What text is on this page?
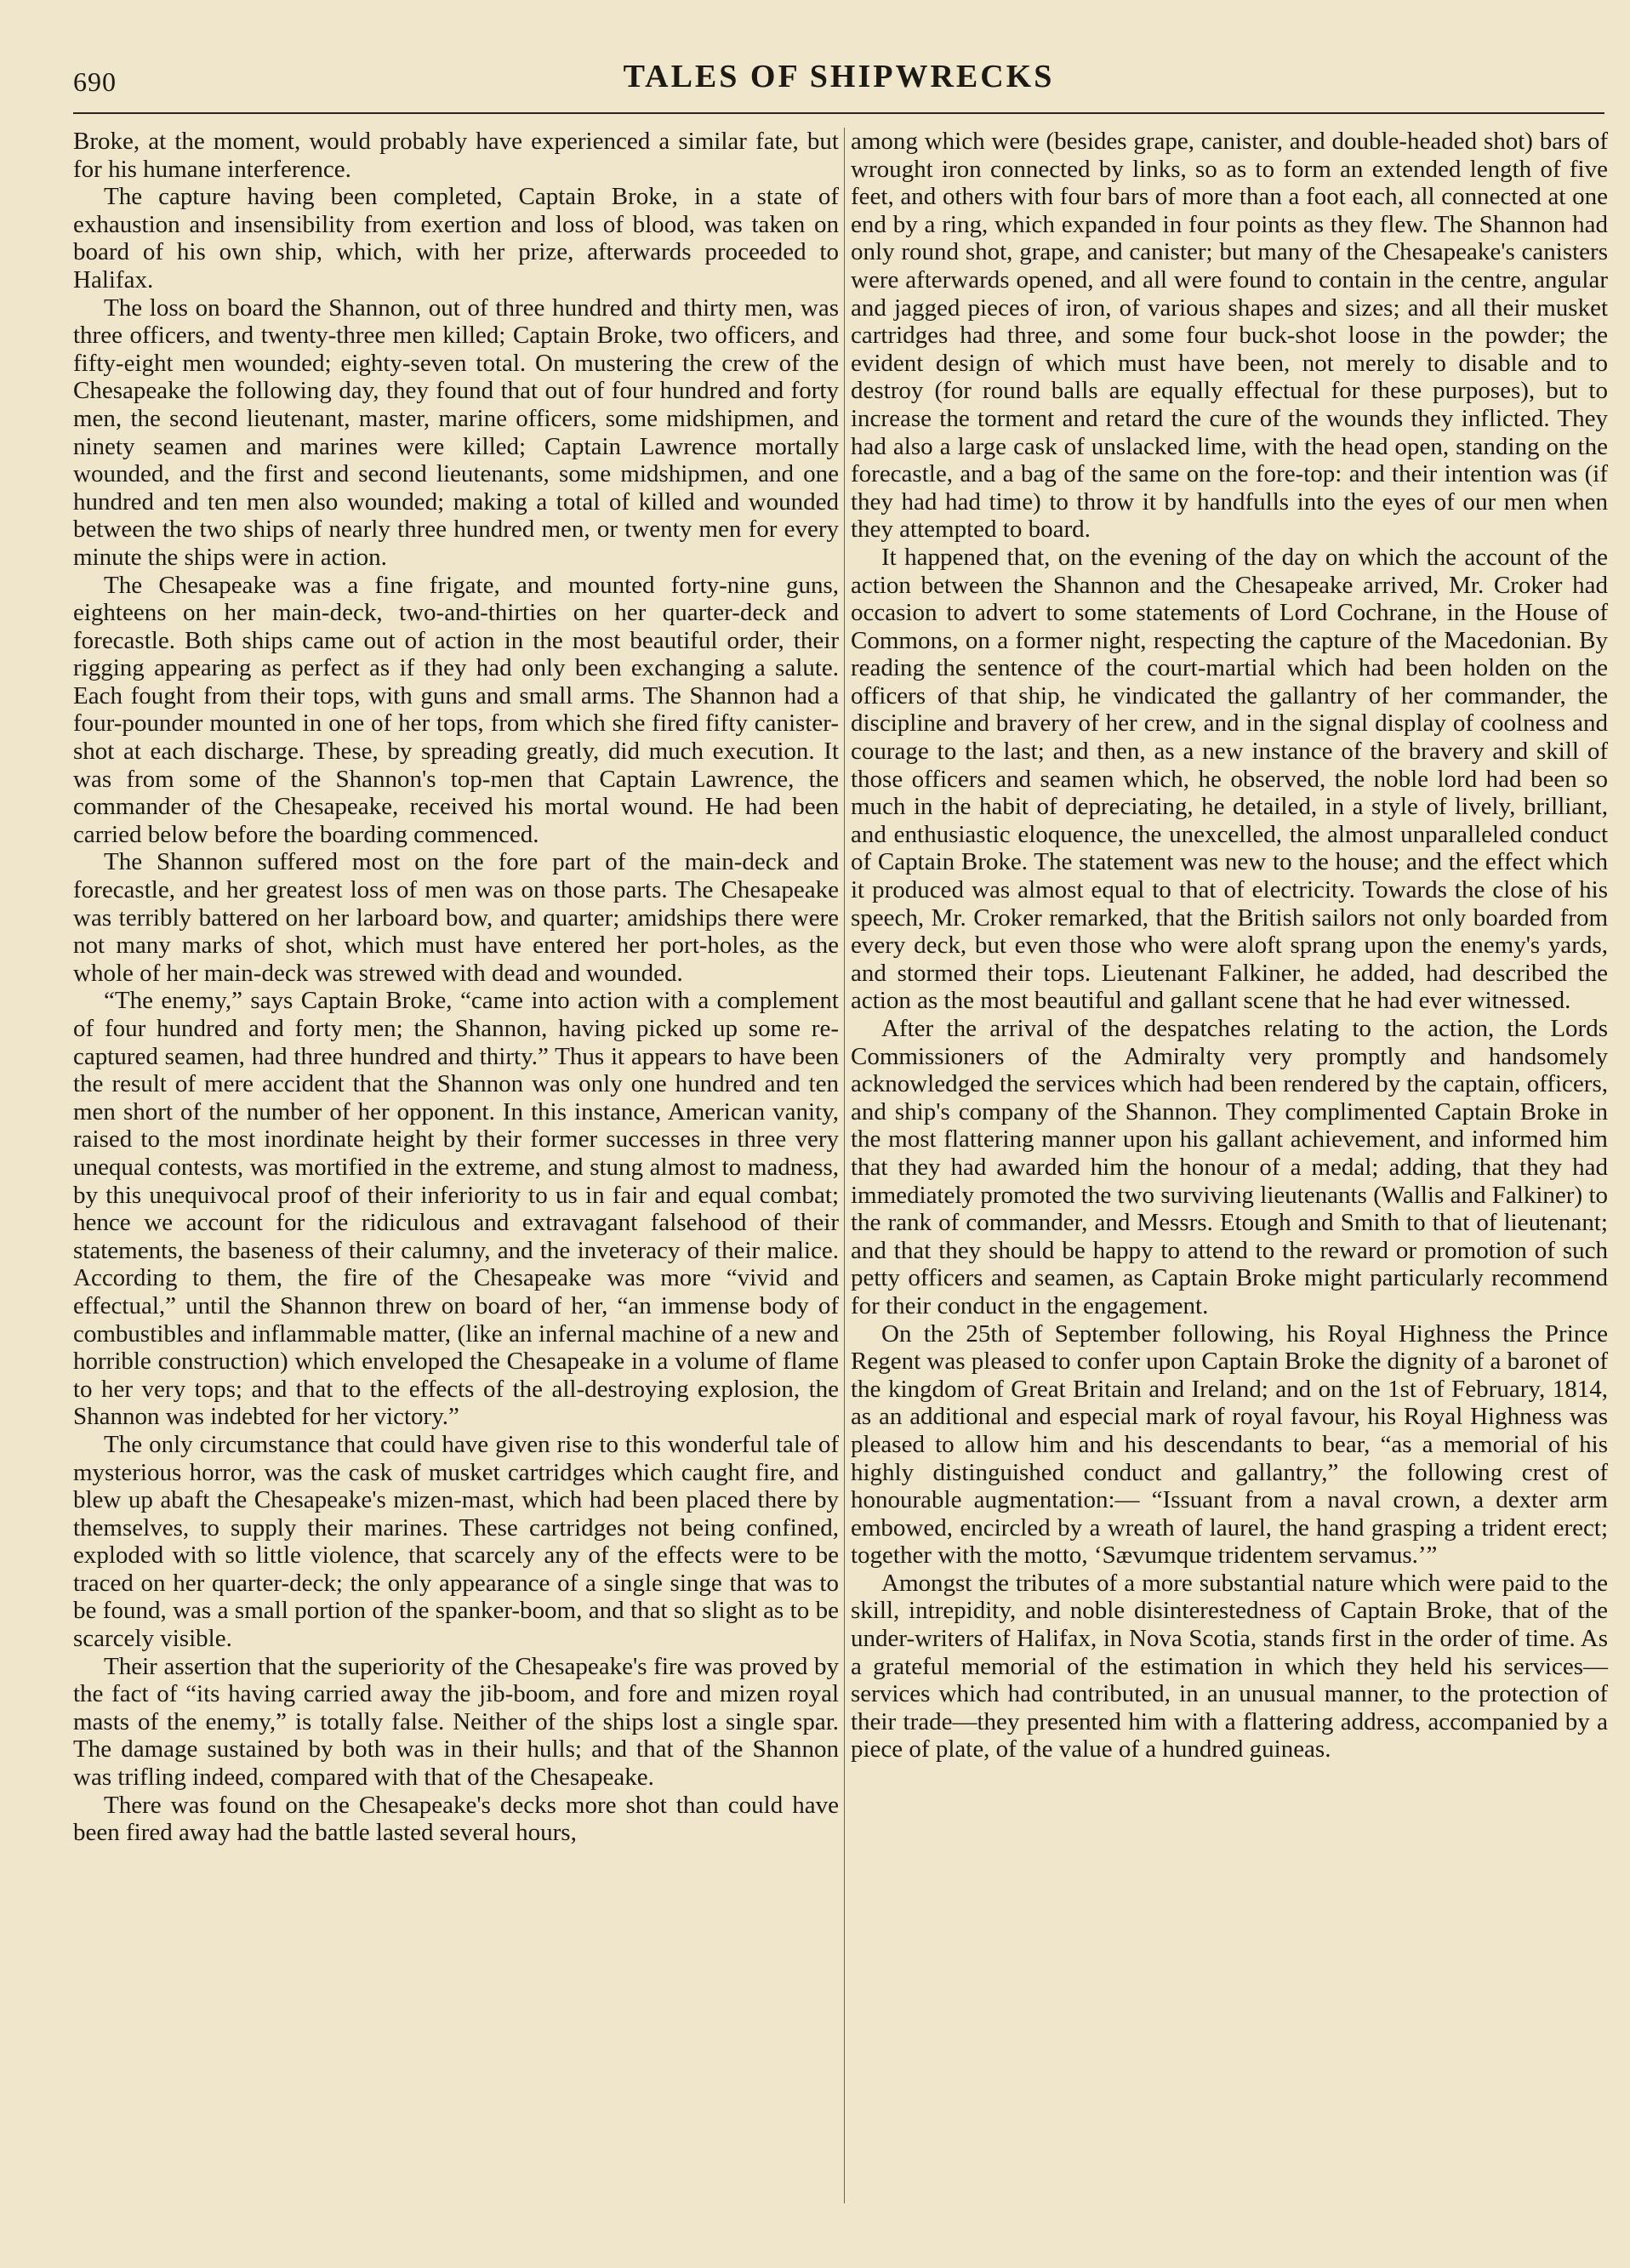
690	TALES OF SHIPWRECKS

Broke, at the moment, would probably have experienced a similar fate, but for his humane interference.

The capture having been completed, Captain Broke, in a state of exhaustion and insensibility from exertion and loss of blood, was taken on board of his own ship, which, with her prize, afterwards proceeded to Halifax.

The loss on board the Shannon, out of three hundred and thirty men, was three officers, and twenty-three men killed; Captain Broke, two officers, and fifty-eight men wounded; eighty-seven total. On mustering the crew of the Chesapeake the following day, they found that out of four hundred and forty men, the second lieutenant, master, marine officers, some midshipmen, and ninety seamen and marines were killed; Captain Lawrence mortally wounded, and the first and second lieutenants, some midshipmen, and one hundred and ten men also wounded; making a total of killed and wounded between the two ships of nearly three hundred men, or twenty men for every minute the ships were in action.

The Chesapeake was a fine frigate, and mounted forty-nine guns, eighteens on her main-deck, two-and-thirties on her quarter-deck and forecastle. Both ships came out of action in the most beautiful order, their rigging appearing as perfect as if they had only been exchanging a salute. Each fought from their tops, with guns and small arms. The Shannon had a four-pounder mounted in one of her tops, from which she fired fifty canister-shot at each discharge. These, by spreading greatly, did much execution. It was from some of the Shannon's top-men that Captain Lawrence, the commander of the Chesapeake, received his mortal wound. He had been carried below before the boarding commenced.

The Shannon suffered most on the fore part of the main-deck and forecastle, and her greatest loss of men was on those parts. The Chesapeake was terribly battered on her larboard bow, and quarter; amidships there were not many marks of shot, which must have entered her port-holes, as the whole of her main-deck was strewed with dead and wounded.

“The enemy,” says Captain Broke, “came into action with a complement of four hundred and forty men; the Shannon, having picked up some re-captured seamen, had three hundred and thirty.” Thus it appears to have been the result of mere accident that the Shannon was only one hundred and ten men short of the number of her opponent. In this instance, American vanity, raised to the most inordinate height by their former successes in three very unequal contests, was mortified in the extreme, and stung almost to madness, by this unequivocal proof of their inferiority to us in fair and equal combat; hence we account for the ridiculous and extravagant falsehood of their statements, the baseness of their calumny, and the inveteracy of their malice. According to them, the fire of the Chesapeake was more “vivid and effectual,” until the Shannon threw on board of her, “an immense body of combustibles and inflammable matter, (like an infernal machine of a new and horrible construction) which enveloped the Chesapeake in a volume of flame to her very tops; and that to the effects of the all-destroying explosion, the Shannon was indebted for her victory.”

The only circumstance that could have given rise to this wonderful tale of mysterious horror, was the cask of musket cartridges which caught fire, and blew up abaft the Chesapeake's mizen-mast, which had been placed there by themselves, to supply their marines. These cartridges not being confined, exploded with so little violence, that scarcely any of the effects were to be traced on her quarter-deck; the only appearance of a single singe that was to be found, was a small portion of the spanker-boom, and that so slight as to be scarcely visible.

Their assertion that the superiority of the Chesapeake's fire was proved by the fact of “its having carried away the jib-boom, and fore and mizen royal masts of the enemy,” is totally false. Neither of the ships lost a single spar. The damage sustained by both was in their hulls; and that of the Shannon was trifling indeed, compared with that of the Chesapeake.

There was found on the Chesapeake's decks more shot than could have been fired away had the battle lasted several hours,

among which were (besides grape, canister, and double-headed shot) bars of wrought iron connected by links, so as to form an extended length of five feet, and others with four bars of more than a foot each, all connected at one end by a ring, which expanded in four points as they flew. The Shannon had only round shot, grape, and canister; but many of the Chesapeake's canisters were afterwards opened, and all were found to contain in the centre, angular and jagged pieces of iron, of various shapes and sizes; and all their musket cartridges had three, and some four buck-shot loose in the powder; the evident design of which must have been, not merely to disable and to destroy (for round balls are equally effectual for these purposes), but to increase the torment and retard the cure of the wounds they inflicted. They had also a large cask of unslacked lime, with the head open, standing on the forecastle, and a bag of the same on the fore-top: and their intention was (if they had had time) to throw it by handfulls into the eyes of our men when they attempted to board.

It happened that, on the evening of the day on which the account of the action between the Shannon and the Chesapeake arrived, Mr. Croker had occasion to advert to some statements of Lord Cochrane, in the House of Commons, on a former night, respecting the capture of the Macedonian. By reading the sentence of the court-martial which had been holden on the officers of that ship, he vindicated the gallantry of her commander, the discipline and bravery of her crew, and in the signal display of coolness and courage to the last; and then, as a new instance of the bravery and skill of those officers and seamen which, he observed, the noble lord had been so much in the habit of depreciating, he detailed, in a style of lively, brilliant, and enthusiastic eloquence, the unexcelled, the almost unparalleled conduct of Captain Broke. The statement was new to the house; and the effect which it produced was almost equal to that of electricity. Towards the close of his speech, Mr. Croker remarked, that the British sailors not only boarded from every deck, but even those who were aloft sprang upon the enemy's yards, and stormed their tops. Lieutenant Falkiner, he added, had described the action as the most beautiful and gallant scene that he had ever witnessed.

After the arrival of the despatches relating to the action, the Lords Commissioners of the Admiralty very promptly and handsomely acknowledged the services which had been rendered by the captain, officers, and ship's company of the Shannon. They complimented Captain Broke in the most flattering manner upon his gallant achievement, and informed him that they had awarded him the honour of a medal; adding, that they had immediately promoted the two surviving lieutenants (Wallis and Falkiner) to the rank of commander, and Messrs. Etough and Smith to that of lieutenant; and that they should be happy to attend to the reward or promotion of such petty officers and seamen, as Captain Broke might particularly recommend for their conduct in the engagement.

On the 25th of September following, his Royal Highness the Prince Regent was pleased to confer upon Captain Broke the dignity of a baronet of the kingdom of Great Britain and Ireland; and on the 1st of February, 1814, as an additional and especial mark of royal favour, his Royal Highness was pleased to allow him and his descendants to bear, “as a memorial of his highly distinguished conduct and gallantry,” the following crest of honourable augmentation:— “Issuant from a naval crown, a dexter arm embowed, encircled by a wreath of laurel, the hand grasping a trident erect; together with the motto, ‘Sævumque tridentem servamus.’”

Amongst the tributes of a more substantial nature which were paid to the skill, intrepidity, and noble disinterestedness of Captain Broke, that of the under-writers of Halifax, in Nova Scotia, stands first in the order of time. As a grateful memorial of the estimation in which they held his services—services which had contributed, in an unusual manner, to the protection of their trade—they presented him with a flattering address, accompanied by a piece of plate, of the value of a hundred guineas.
